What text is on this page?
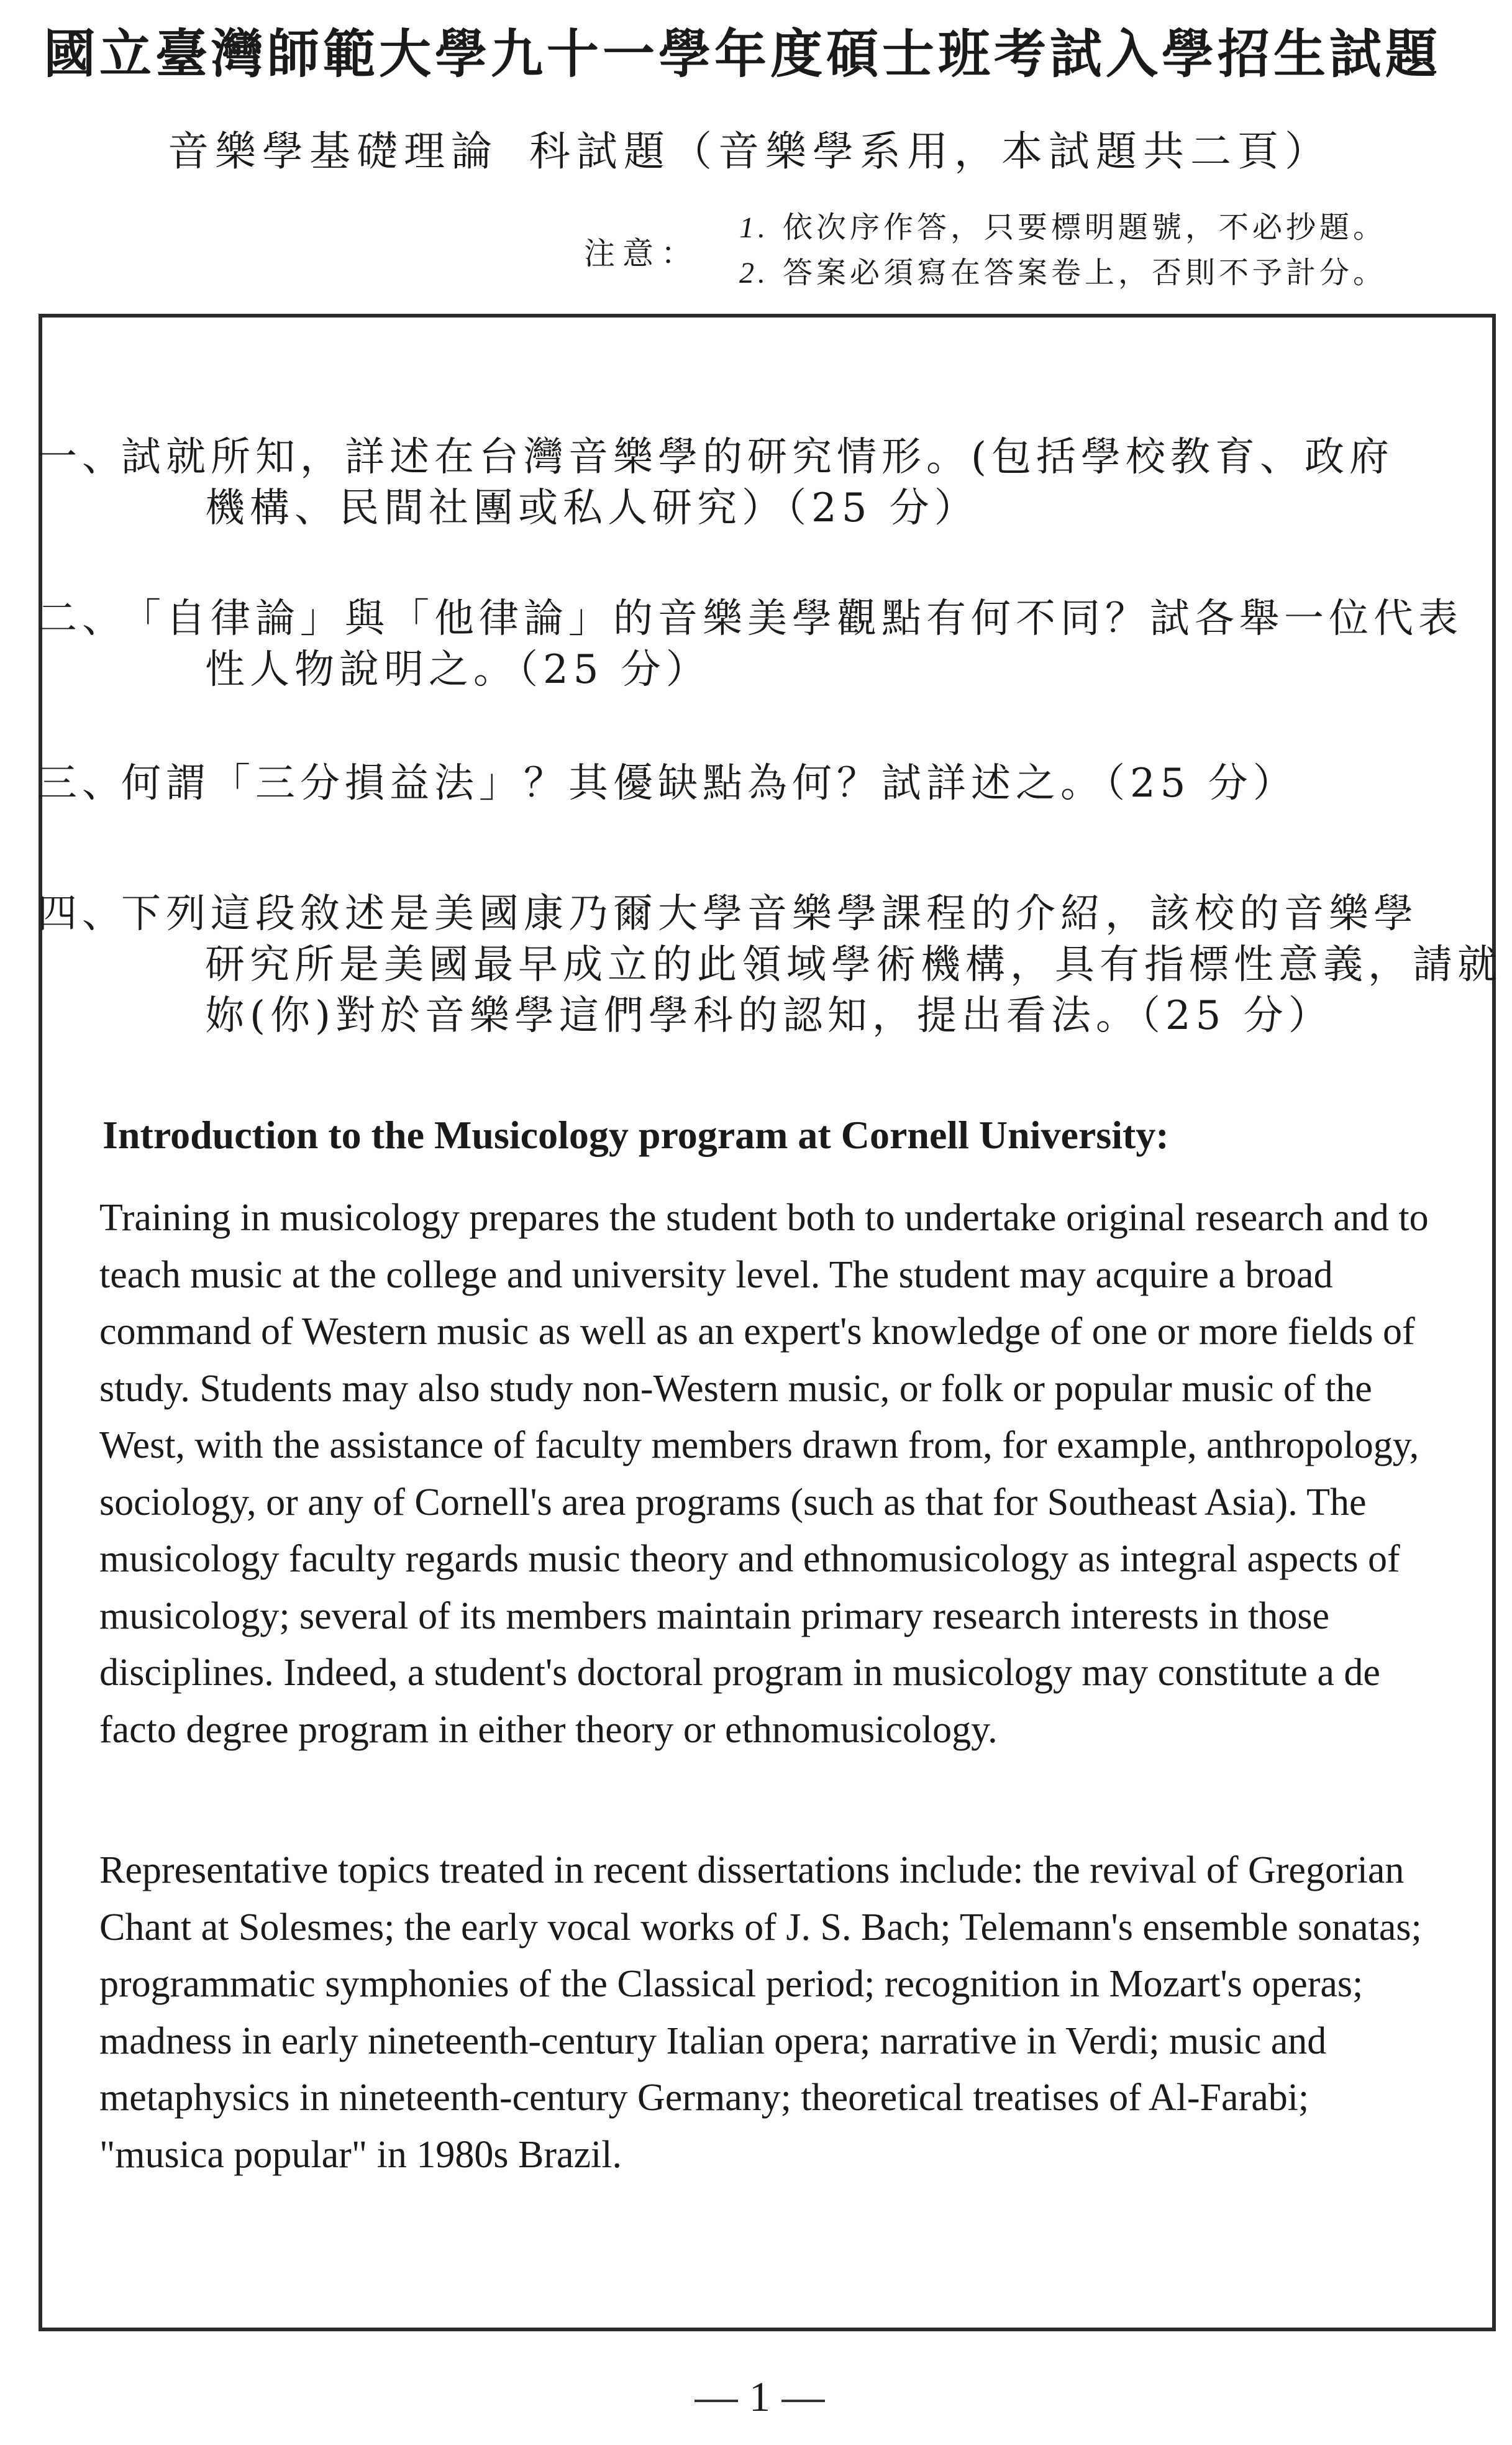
國立臺灣師範大學九十一學年度碩士班考試入學招生試題
音樂學基礎理論 科試題（音樂學系用，本試題共二頁）
注意：
1. 依次序作答，只要標明題號，不必抄題。
2. 答案必須寫在答案卷上，否則不予計分。
一、試就所知，詳述在台灣音樂學的研究情形。(包括學校教育、政府
機構、民間社團或私人研究）（25 分）
二、「自律論」與「他律論」的音樂美學觀點有何不同？試各舉一位代表
性人物說明之。（25 分）
三、何謂「三分損益法」？其優缺點為何？試詳述之。（25 分）
四、下列這段敘述是美國康乃爾大學音樂學課程的介紹，該校的音樂學
研究所是美國最早成立的此領域學術機構，具有指標性意義，請就
妳(你)對於音樂學這們學科的認知，提出看法。（25 分）
Introduction to the Musicology program at Cornell University:
Training in musicology prepares the student both to undertake original research and to teach music at the college and university level. The student may acquire a broad command of Western music as well as an expert's knowledge of one or more fields of study. Students may also study non-Western music, or folk or popular music of the West, with the assistance of faculty members drawn from, for example, anthropology, sociology, or any of Cornell's area programs (such as that for Southeast Asia). The musicology faculty regards music theory and ethnomusicology as integral aspects of musicology; several of its members maintain primary research interests in those disciplines. Indeed, a student's doctoral program in musicology may constitute a de facto degree program in either theory or ethnomusicology.
Representative topics treated in recent dissertations include: the revival of Gregorian Chant at Solesmes; the early vocal works of J. S. Bach; Telemann's ensemble sonatas; programmatic symphonies of the Classical period; recognition in Mozart's operas; madness in early nineteenth-century Italian opera; narrative in Verdi; music and metaphysics in nineteenth-century Germany; theoretical treatises of Al-Farabi; "musica popular" in 1980s Brazil.
1
